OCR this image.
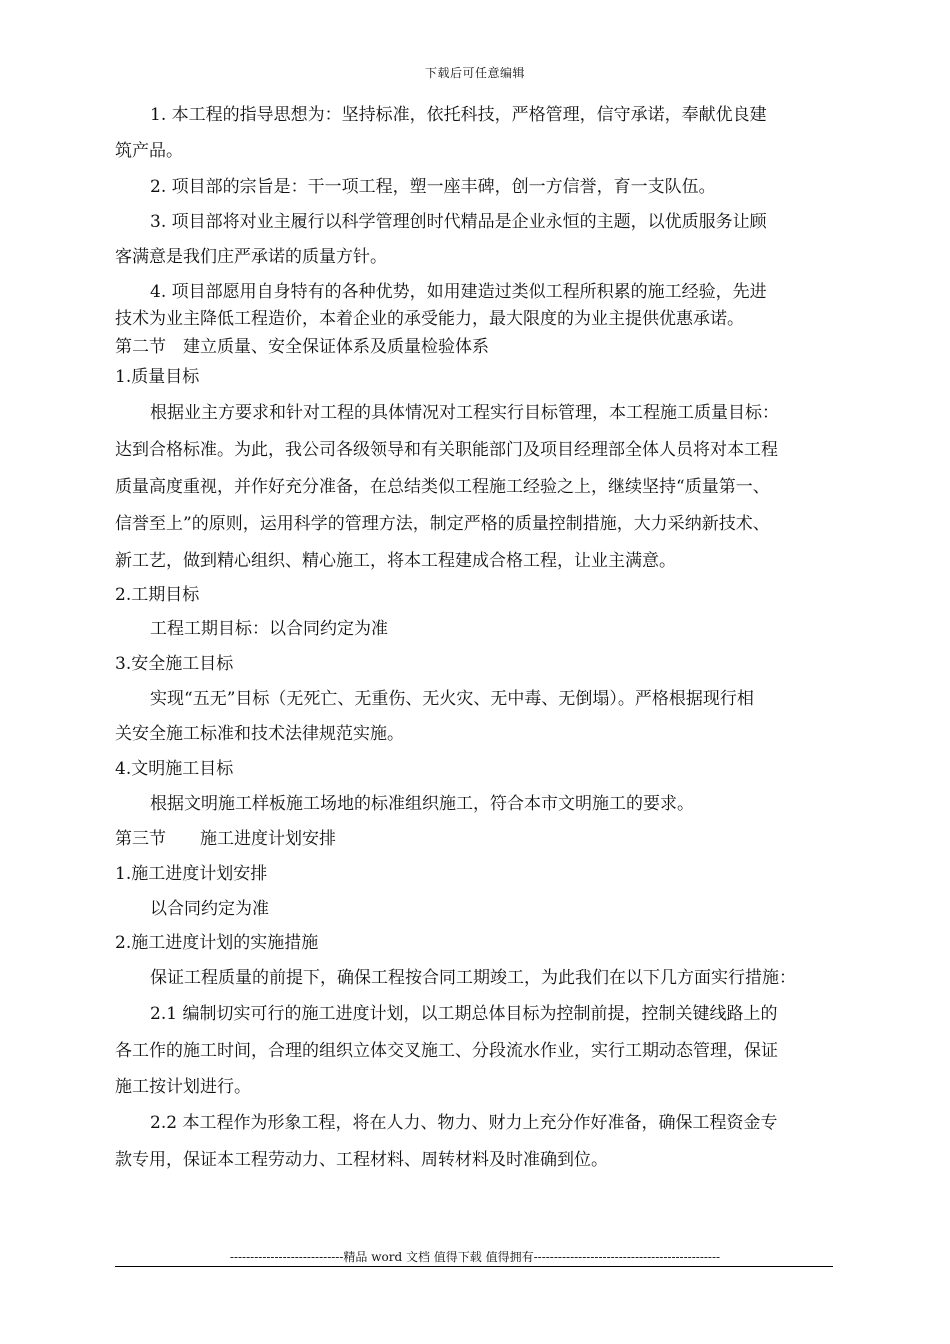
下载后可任意编辑
1. 本工程的指导思想为：坚持标准，依托科技，严格管理，信守承诺，奉献优良建
筑产品。
2. 项目部的宗旨是：干一项工程，塑一座丰碑，创一方信誉，育一支队伍。
3. 项目部将对业主履行以科学管理创时代精品是企业永恒的主题，以优质服务让顾
客满意是我们庄严承诺的质量方针。
4. 项目部愿用自身特有的各种优势，如用建造过类似工程所积累的施工经验，先进
技术为业主降低工程造价，本着企业的承受能力，最大限度的为业主提供优惠承诺。
第二节　建立质量、安全保证体系及质量检验体系
1.质量目标
根据业主方要求和针对工程的具体情况对工程实行目标管理，本工程施工质量目标：
达到合格标准。为此，我公司各级领导和有关职能部门及项目经理部全体人员将对本工程
质量高度重视，并作好充分准备，在总结类似工程施工经验之上，继续坚持“质量第一、
信誉至上”的原则，运用科学的管理方法，制定严格的质量控制措施，大力采纳新技术、
新工艺，做到精心组织、精心施工，将本工程建成合格工程，让业主满意。
2.工期目标
工程工期目标：以合同约定为准
3.安全施工目标
实现“五无”目标（无死亡、无重伤、无火灾、无中毒、无倒塌）。严格根据现行相
关安全施工标准和技术法律规范实施。
4.文明施工目标
根据文明施工样板施工场地的标准组织施工，符合本市文明施工的要求。
第三节　　施工进度计划安排
1.施工进度计划安排
以合同约定为准
2.施工进度计划的实施措施
保证工程质量的前提下，确保工程按合同工期竣工，为此我们在以下几方面实行措施：
2.1 编制切实可行的施工进度计划，以工期总体目标为控制前提，控制关键线路上的
各工作的施工时间，合理的组织立体交叉施工、分段流水作业，实行工期动态管理，保证
施工按计划进行。
2.2 本工程作为形象工程，将在人力、物力、财力上充分作好准备，确保工程资金专
款专用，保证本工程劳动力、工程材料、周转材料及时准确到位。
----------------------------精品 word 文档 值得下载 值得拥有----------------------------------------------
